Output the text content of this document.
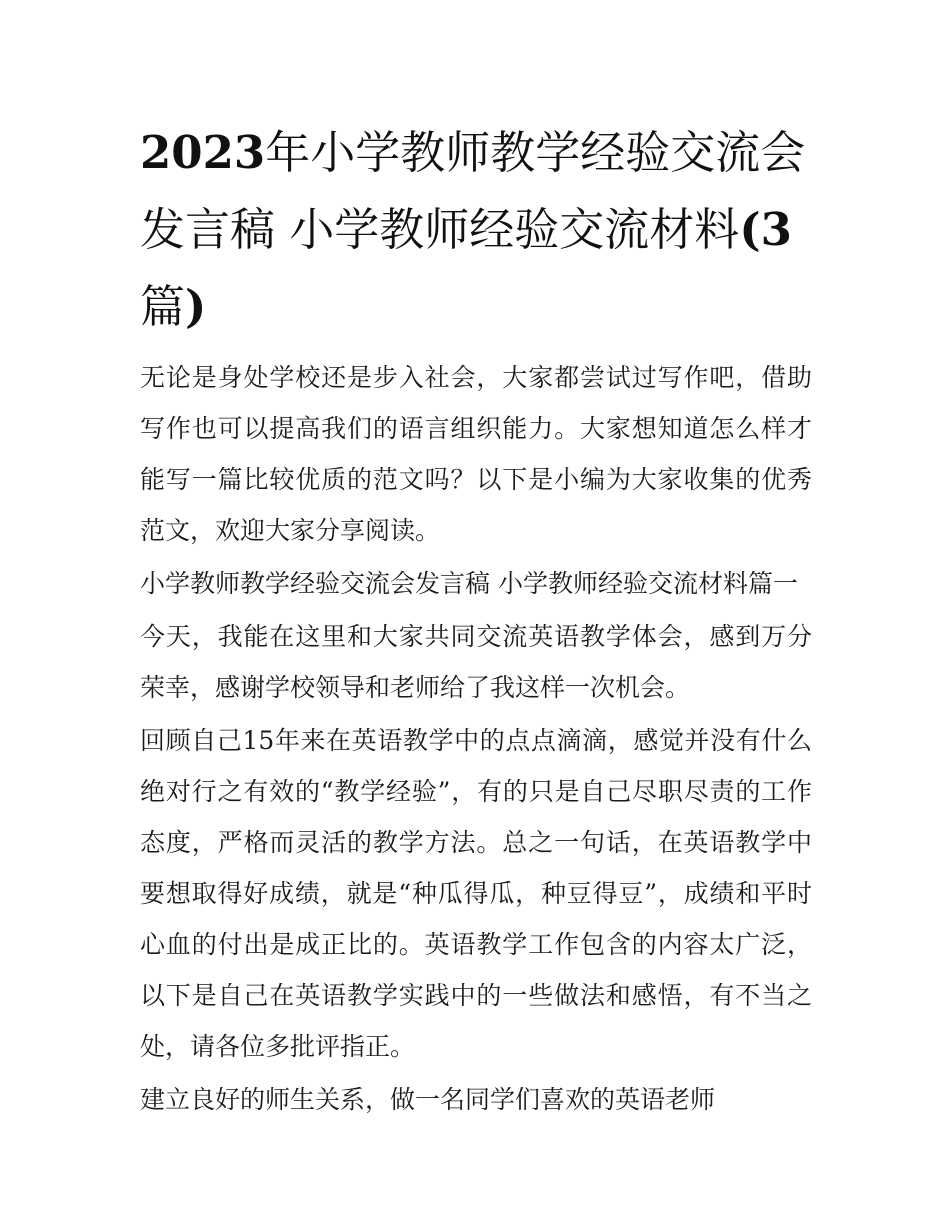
2023年小学教师教学经验交流会发言稿 小学教师经验交流材料(3篇)

无论是身处学校还是步入社会，大家都尝试过写作吧，借助写作也可以提高我们的语言组织能力。大家想知道怎么样才能写一篇比较优质的范文吗？以下是小编为大家收集的优秀范文，欢迎大家分享阅读。

小学教师教学经验交流会发言稿 小学教师经验交流材料篇一

今天，我能在这里和大家共同交流英语教学体会，感到万分荣幸，感谢学校领导和老师给了我这样一次机会。

回顾自己15年来在英语教学中的点点滴滴，感觉并没有什么绝对行之有效的“教学经验”，有的只是自己尽职尽责的工作态度，严格而灵活的教学方法。总之一句话，在英语教学中要想取得好成绩，就是“种瓜得瓜，种豆得豆”，成绩和平时心血的付出是成正比的。英语教学工作包含的内容太广泛，以下是自己在英语教学实践中的一些做法和感悟，有不当之处，请各位多批评指正。

建立良好的师生关系，做一名同学们喜欢的英语老师
